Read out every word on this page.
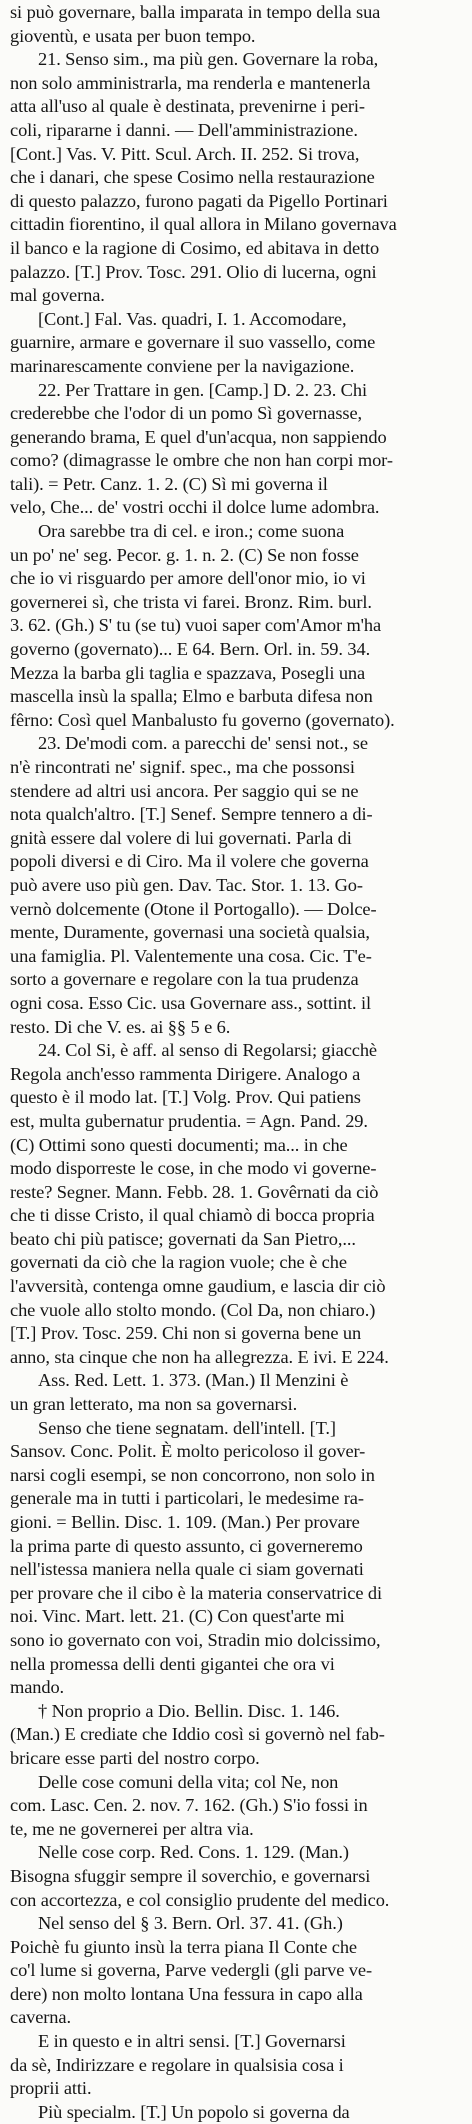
si può governare, balla imparata in tempo della sua
gioventù, e usata per buon tempo.
21. Senso sim., ma più gen. Governare la roba,
non solo amministrarla, ma renderla e mantenerla
atta all'uso al quale è destinata, prevenirne i peri-
coli, ripararne i danni. — Dell'amministrazione.
[Cont.] Vas. V. Pitt. Scul. Arch. II. 252. Si trova,
che i danari, che spese Cosimo nella restaurazione
di questo palazzo, furono pagati da Pigello Portinari
cittadin fiorentino, il qual allora in Milano governava
il banco e la ragione di Cosimo, ed abitava in detto
palazzo. [T.] Prov. Tosc. 291. Olio di lucerna, ogni
mal governa.
[Cont.] Fal. Vas. quadri, I. 1. Accomodare,
guarnire, armare e governare il suo vassello, come
marinarescamente conviene per la navigazione.
22. Per Trattare in gen. [Camp.] D. 2. 23. Chi
crederebbe che l'odor di un pomo Sì governasse,
generando brama, E quel d'un'acqua, non sappiendo
como? (dimagrasse le ombre che non han corpi mor-
tali). = Petr. Canz. 1. 2. (C) Sì mi governa il
velo, Che... de' vostri occhi il dolce lume adombra.
Ora sarebbe tra di cel. e iron.; come suona
un po' ne' seg. Pecor. g. 1. n. 2. (C) Se non fosse
che io vi risguardo per amore dell'onor mio, io vi
governerei sì, che trista vi farei. Bronz. Rim. burl.
3. 62. (Gh.) S' tu (se tu) vuoi saper com'Amor m'ha
governo (governato)... E 64. Bern. Orl. in. 59. 34.
Mezza la barba gli taglia e spazzava, Posegli una
mascella insù la spalla; Elmo e barbuta difesa non
fêrno: Così quel Manbalusto fu governo (governato).
23. De'modi com. a parecchi de' sensi not., se
n'è rincontrati ne' signif. spec., ma che possonsi
stendere ad altri usi ancora. Per saggio qui se ne
nota qualch'altro. [T.] Senef. Sempre tennero a di-
gnità essere dal volere di lui governati. Parla di
popoli diversi e di Ciro. Ma il volere che governa
può avere uso più gen. Dav. Tac. Stor. 1. 13. Go-
vernò dolcemente (Otone il Portogallo). — Dolce-
mente, Duramente, governasi una società qualsia,
una famiglia. Pl. Valentemente una cosa. Cic. T'e-
sorto a governare e regolare con la tua prudenza
ogni cosa. Esso Cic. usa Governare ass., sottint. il
resto. Di che V. es. ai §§ 5 e 6.
24. Col Si, è aff. al senso di Regolarsi; giacchè
Regola anch'esso rammenta Dirigere. Analogo a
questo è il modo lat. [T.] Volg. Prov. Qui patiens
est, multa gubernatur prudentia. = Agn. Pand. 29.
(C) Ottimi sono questi documenti; ma... in che
modo disporreste le cose, in che modo vi governe-
reste? Segner. Mann. Febb. 28. 1. Govêrnati da ciò
che ti disse Cristo, il qual chiamò di bocca propria
beato chi più patisce; governati da San Pietro,...
governati da ciò che la ragion vuole; che è che
l'avversità, contenga omne gaudium, e lascia dir ciò
che vuole allo stolto mondo. (Col Da, non chiaro.)
[T.] Prov. Tosc. 259. Chi non si governa bene un
anno, sta cinque che non ha allegrezza. E ivi. E 224.
Ass. Red. Lett. 1. 373. (Man.) Il Menzini è
un gran letterato, ma non sa governarsi.
Senso che tiene segnatam. dell'intell. [T.]
Sansov. Conc. Polit. È molto pericoloso il gover-
narsi cogli esempi, se non concorrono, non solo in
generale ma in tutti i particolari, le medesime ra-
gioni. = Bellin. Disc. 1. 109. (Man.) Per provare
la prima parte di questo assunto, ci governeremo
nell'istessa maniera nella quale ci siam governati
per provare che il cibo è la materia conservatrice di
noi. Vinc. Mart. lett. 21. (C) Con quest'arte mi
sono io governato con voi, Stradin mio dolcissimo,
nella promessa delli denti gigantei che ora vi
mando.
† Non proprio a Dio. Bellin. Disc. 1. 146.
(Man.) E crediate che Iddio così si governò nel fab-
bricare esse parti del nostro corpo.
Delle cose comuni della vita; col Ne, non
com. Lasc. Cen. 2. nov. 7. 162. (Gh.) S'io fossi in
te, me ne governerei per altra via.
Nelle cose corp. Red. Cons. 1. 129. (Man.)
Bisogna sfuggir sempre il soverchio, e governarsi
con accortezza, e col consiglio prudente del medico.
Nel senso del § 3. Bern. Orl. 37. 41. (Gh.)
Poichè fu giunto insù la terra piana Il Conte che
co'l lume si governa, Parve vedergli (gli parve ve-
dere) non molto lontana Una fessura in capo alla
caverna.
E in questo e in altri sensi. [T.] Governarsi
da sè, Indirizzare e regolare in qualsisia cosa i
proprii atti.
Più specialm. [T.] Un popolo si governa da
